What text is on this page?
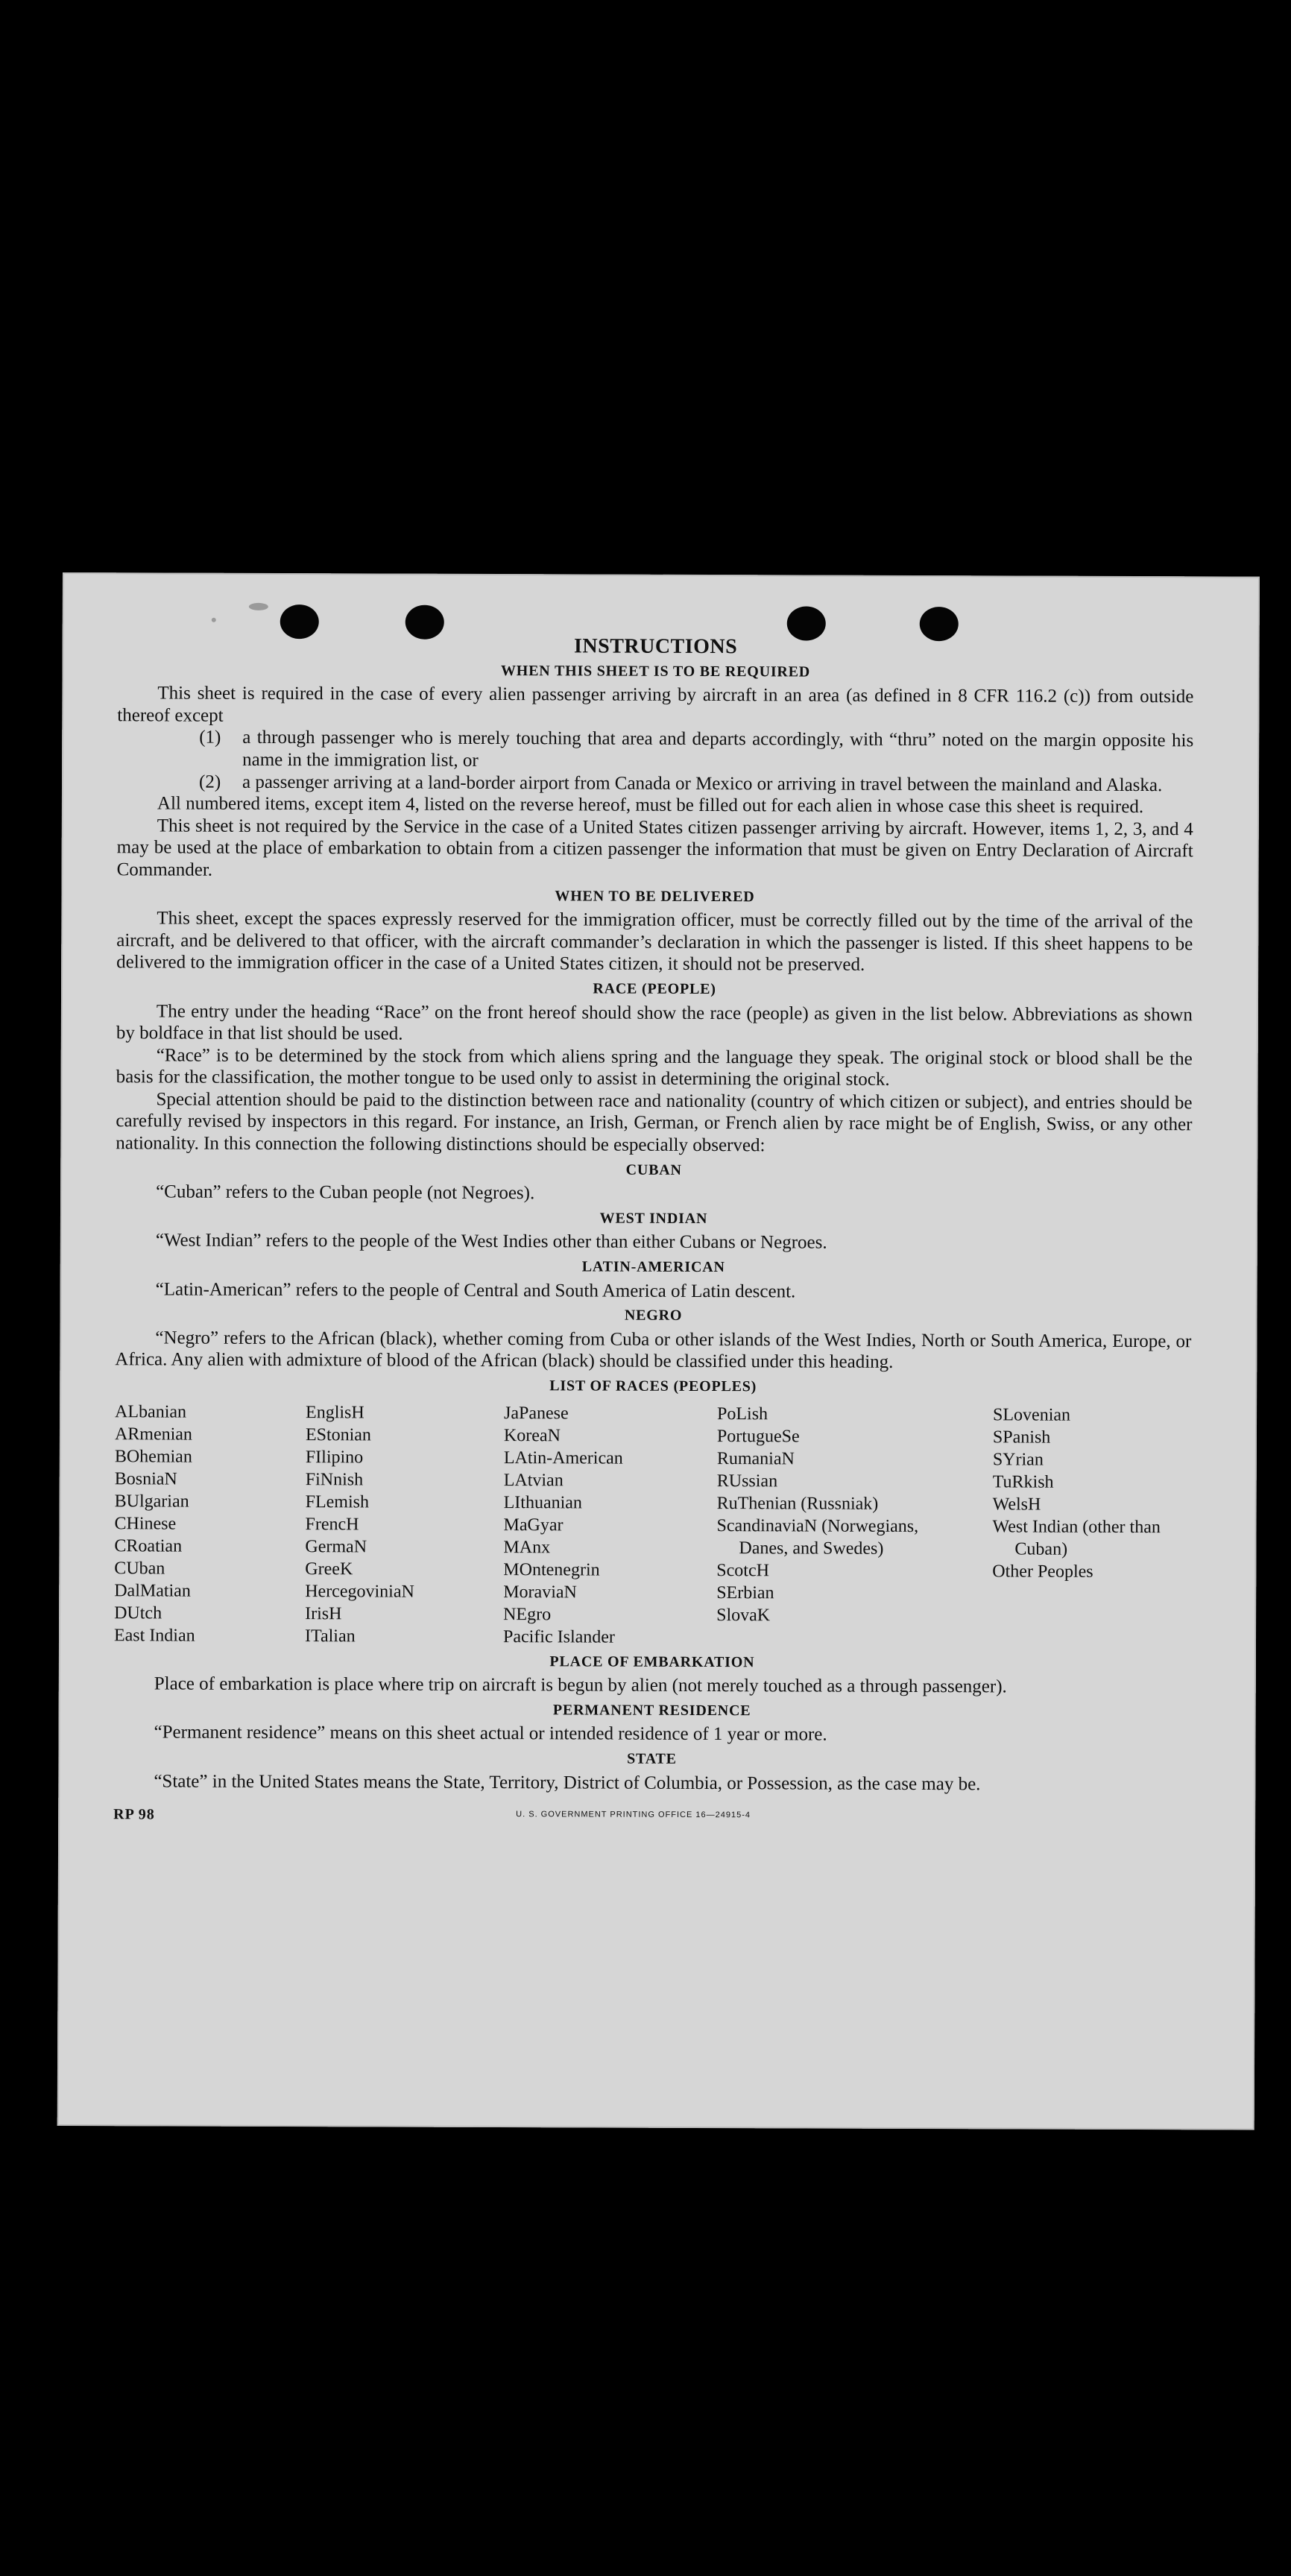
INSTRUCTIONS
WHEN THIS SHEET IS TO BE REQUIRED
This sheet is required in the case of every alien passenger arriving by aircraft in an area (as defined in 8 CFR 116.2 (c)) from outside thereof except
(1) a through passenger who is merely touching that area and departs accordingly, with “thru” noted on the margin opposite his name in the immigration list, or
(2) a passenger arriving at a land-border airport from Canada or Mexico or arriving in travel between the mainland and Alaska.
All numbered items, except item 4, listed on the reverse hereof, must be filled out for each alien in whose case this sheet is required.
This sheet is not required by the Service in the case of a United States citizen passenger arriving by aircraft. However, items 1, 2, 3, and 4 may be used at the place of embarkation to obtain from a citizen passenger the information that must be given on Entry Declaration of Aircraft Commander.
WHEN TO BE DELIVERED
This sheet, except the spaces expressly reserved for the immigration officer, must be correctly filled out by the time of the arrival of the aircraft, and be delivered to that officer, with the aircraft commander’s declaration in which the passenger is listed. If this sheet happens to be delivered to the immigration officer in the case of a United States citizen, it should not be preserved.
RACE (PEOPLE)
The entry under the heading “Race” on the front hereof should show the race (people) as given in the list below. Abbreviations as shown by boldface in that list should be used.
“Race” is to be determined by the stock from which aliens spring and the language they speak. The original stock or blood shall be the basis for the classification, the mother tongue to be used only to assist in determining the original stock.
Special attention should be paid to the distinction between race and nationality (country of which citizen or subject), and entries should be carefully revised by inspectors in this regard. For instance, an Irish, German, or French alien by race might be of English, Swiss, or any other nationality. In this connection the following distinctions should be especially observed:
CUBAN
“Cuban” refers to the Cuban people (not Negroes).
WEST INDIAN
“West Indian” refers to the people of the West Indies other than either Cubans or Negroes.
LATIN-AMERICAN
“Latin-American” refers to the people of Central and South America of Latin descent.
NEGRO
“Negro” refers to the African (black), whether coming from Cuba or other islands of the West Indies, North or South America, Europe, or Africa. Any alien with admixture of blood of the African (black) should be classified under this heading.
LIST OF RACES (PEOPLES)
ALbanian
ARmenian
BOhemian
BosniaN
BUlgarian
CHinese
CRoatian
CUban
DalMatian
DUtch
East Indian
EnglisH
EStonian
FIlipino
FiNnish
FLemish
FrencH
GermaN
GreeK
HercegoviniaN
IrisH
ITalian
JaPanese
KoreaN
LAtin-American
LAtvian
LIthuanian
MaGyar
MAnx
MOntenegrin
MoraviaN
NEgro
Pacific Islander
PoLish
PortugueSe
RumaniaN
RUssian
RuThenian (Russniak)
ScandinaviaN (Norwegians, Danes, and Swedes)
ScotcH
SErbian
SlovaK
SLovenian
SPanish
SYrian
TuRkish
WelsH
West Indian (other than Cuban)
Other Peoples
PLACE OF EMBARKATION
Place of embarkation is place where trip on aircraft is begun by alien (not merely touched as a through passenger).
PERMANENT RESIDENCE
“Permanent residence” means on this sheet actual or intended residence of 1 year or more.
STATE
“State” in the United States means the State, Territory, District of Columbia, or Possession, as the case may be.
RP 98	U. S. GOVERNMENT PRINTING OFFICE 16—24915-4
